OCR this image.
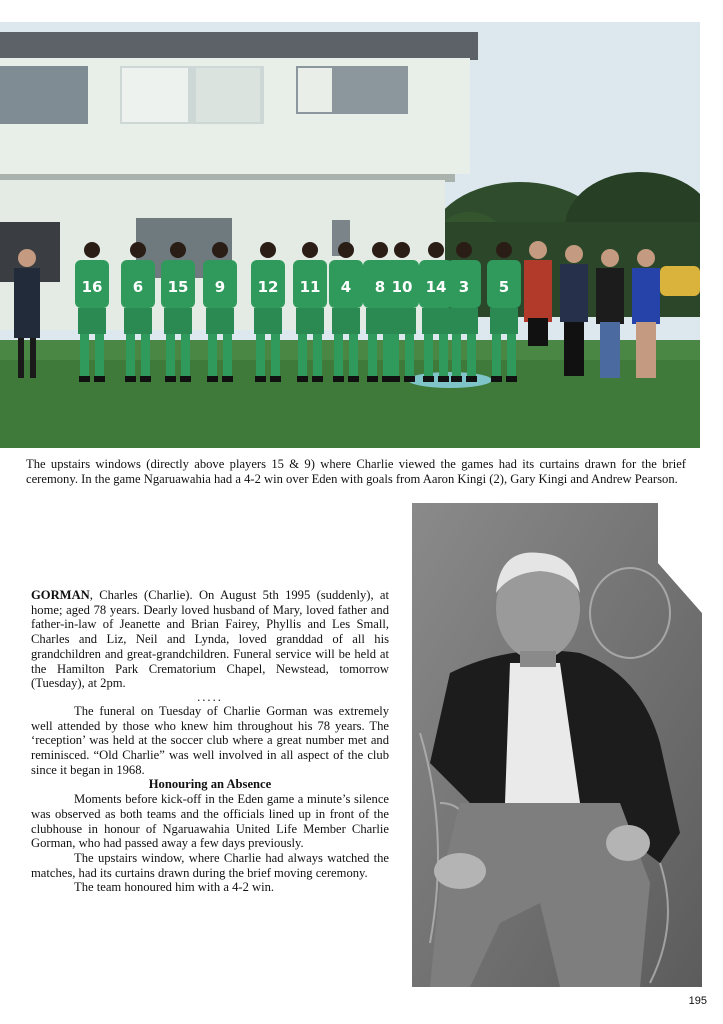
16 6 15 9 12 11 4 8 10 14 3 5
The upstairs windows (directly above players 15 & 9) where Charlie viewed the games had its curtains drawn for the brief ceremony. In the game Ngaruawahia had a 4-2 win over Eden with goals from Aaron Kingi (2), Gary Kingi and Andrew Pearson.

GORMAN, Charles (Charlie). On August 5th 1995 (suddenly), at home; aged 78 years. Dearly loved husband of Mary, loved father and father-in-law of Jeanette and Brian Fairey, Phyllis and Les Small, Charles and Liz, Neil and Lynda, loved granddad of all his grandchildren and great-grandchildren. Funeral service will be held at the Hamilton Park Crematorium Chapel, Newstead, tomorrow (Tuesday), at 2pm.

.....

The funeral on Tuesday of Charlie Gorman was extremely well attended by those who knew him throughout his 78 years. The ‘reception’ was held at the soccer club where a great number met and reminisced. “Old Charlie” was well involved in all aspect of the club since it began in 1968.

Honouring an Absence

Moments before kick-off in the Eden game a minute’s silence was observed as both teams and the officials lined up in front of the clubhouse in honour of Ngaruawahia United Life Member Charlie Gorman, who had passed away a few days previously.

The upstairs window, where Charlie had always watched the matches, had its curtains drawn during the brief moving ceremony.

The team honoured him with a 4-2 win.

195
